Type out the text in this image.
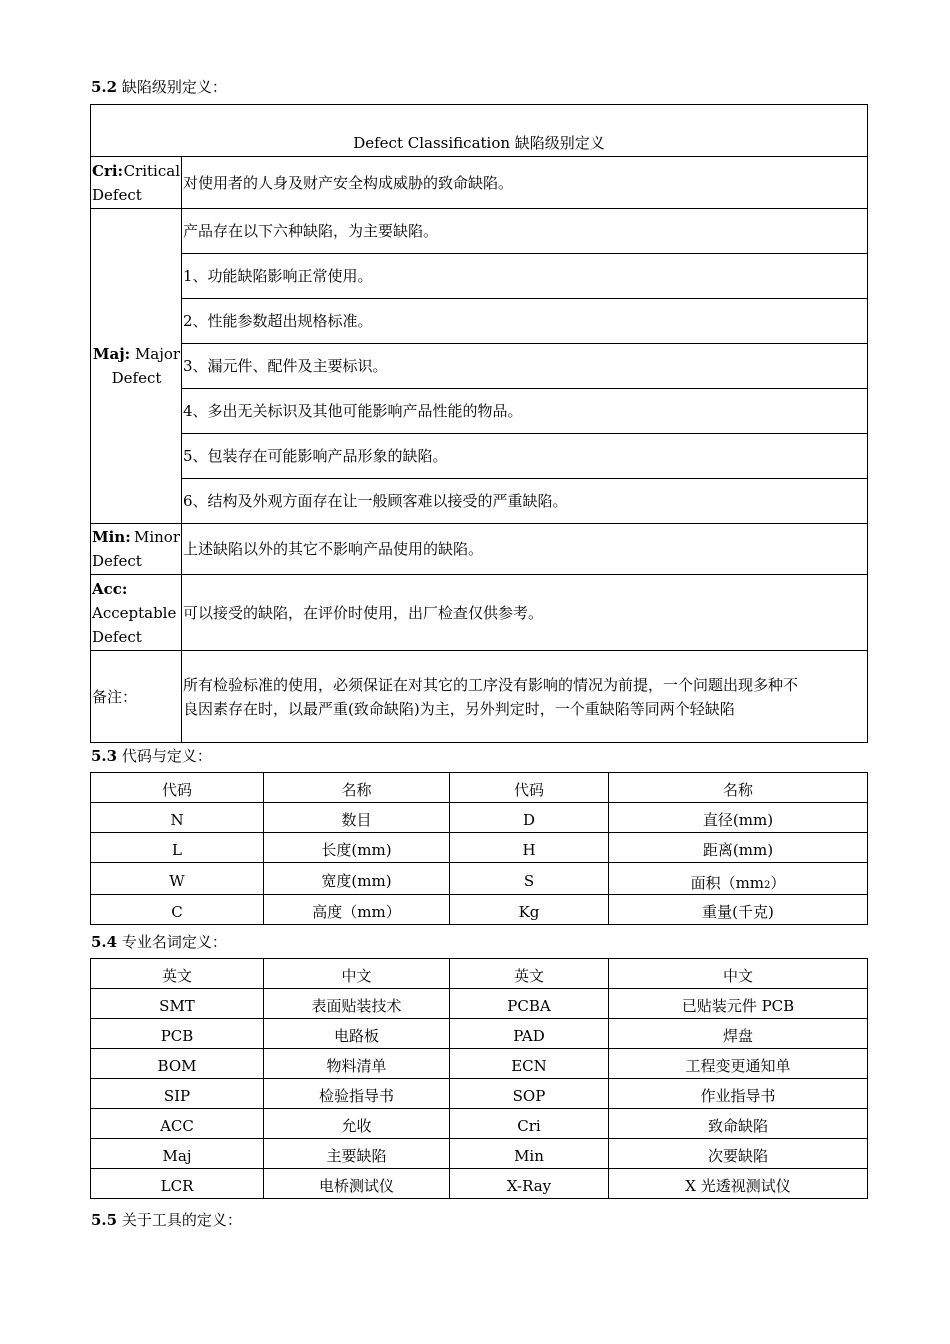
5.2 缺陷级别定义：
Defect Classification 缺陷级别定义	

Cri: Critical
Defect	对使用者的人身及财产安全构成威胁的致命缺陷。

Maj: Major
Defect	产品存在以下六种缺陷，为主要缺陷。
	1、功能缺陷影响正常使用。
	2、性能参数超出规格标准。
	3、漏元件、配件及主要标识。
	4、多出无关标识及其他可能影响产品性能的物品。
	5、包装存在可能影响产品形象的缺陷。
	6、结构及外观方面存在让一般顾客难以接受的严重缺陷。

Min: Minor
Defect	上述缺陷以外的其它不影响产品使用的缺陷。

Acc:
Acceptable
Defect	可以接受的缺陷，在评价时使用，出厂检查仅供参考。
备注：	所有检验标准的使用，必须保证在对其它的工序没有影响的情况为前提，一个问题出现多种不
良因素存在时，以最严重(致命缺陷)为主，另外判定时，一个重缺陷等同两个轻缺陷
5.3 代码与定义：
代码	名称	代码	名称
N	数目	D	直径(mm)
L	长度(mm)	H	距离(mm)
W	宽度(mm)	S	面积$(mm_2)$
C	高度（mm）	Kg	重量(千克)
5.4 专业名词定义：
英文	中文	英文	中文
SMT	表面贴装技术	PCBA	已贴装元件 PCB
PCB	电路板	PAD	焊盘
BOM	物料清单	ECN	工程变更通知单
SIP	检验指导书	SOP	作业指导书
ACC	允收	Cri	致命缺陷
Maj	主要缺陷	Min	次要缺陷
LCR	电桥测试仪	X-Ray	X 光透视测试仪
5.5 关于工具的定义：
